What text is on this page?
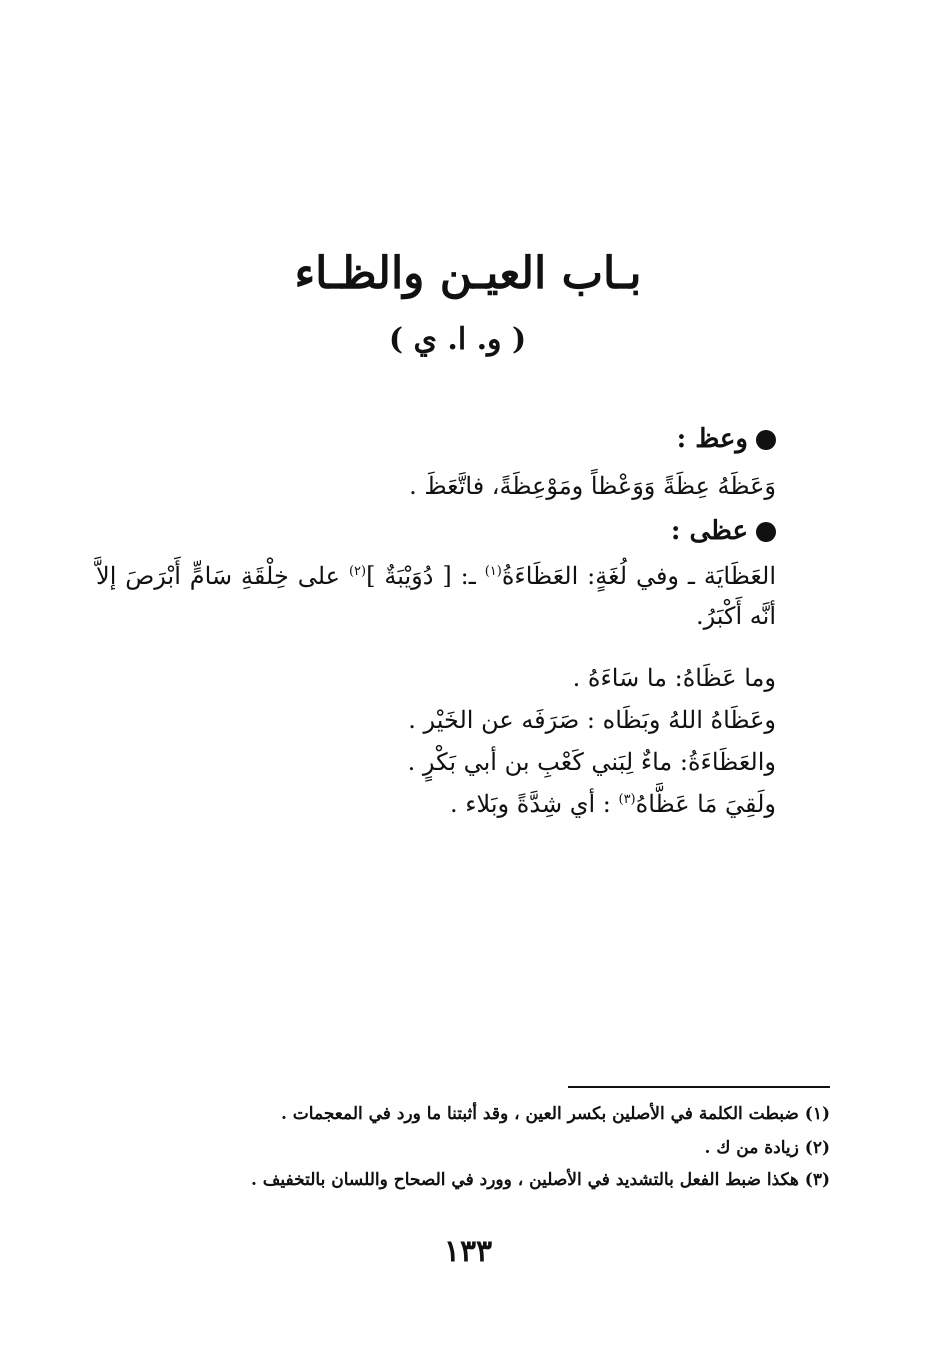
بـاب العيـن والظـاء
( و. ا. ي )
وعظ :
وَعَظَهُ عِظَةً وَوَعْظاً ومَوْعِظَةً، فاتَّعَظَ .
عظى :
العَظَايَة ـ وفي لُغَةٍ: العَظَاءَةُ$^{(١)}$ ـ: [ دُوَيْبَةٌ ]$^{(٢)}$ على خِلْقَةِ سَامٍّ أَبْرَصَ إلاَّ أنَّه أَكْبَرُ.
وما عَظَاهُ: ما سَاءَهُ .
وعَظَاهُ اللهُ وبَظَاه : صَرَفَه عن الخَيْر .
والعَظَاءَةُ: ماءٌ لِبَني كَعْبِ بن أبي بَكْرٍ .
ولَقِيَ مَا عَظَّاهُ$^{(٣)}$ : أي شِدَّةً وبَلاء .
(١) ضبطت الكلمة في الأصلين بكسر العين ، وقد أثبتنا ما ورد في المعجمات .
(٢) زيادة من ك .
(٣) هكذا ضبط الفعل بالتشديد في الأصلين ، وورد في الصحاح واللسان بالتخفيف .
١٣٣
